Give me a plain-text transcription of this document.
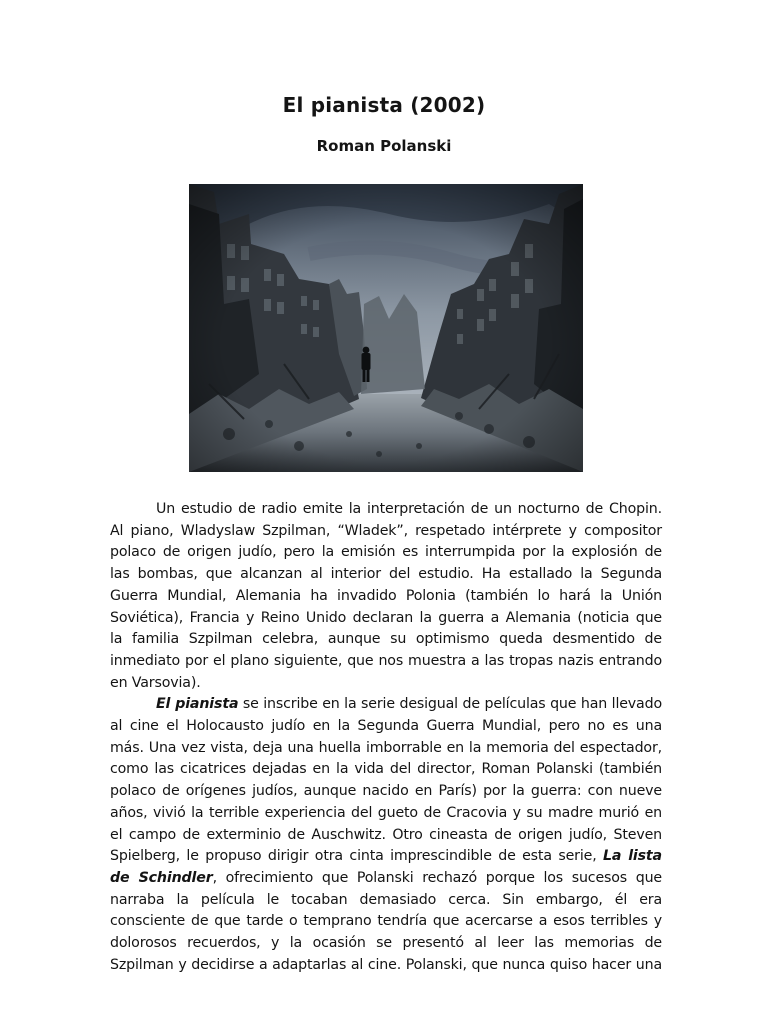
El pianista (2002)
Roman Polanski
Un estudio de radio emite la interpretación de un nocturno de Chopin.
Al piano, Wladyslaw Szpilman, “Wladek”, respetado intérprete y compositor
polaco de origen judío, pero la emisión es interrumpida por la explosión de
las bombas, que alcanzan al interior del estudio. Ha estallado la Segunda
Guerra Mundial, Alemania ha invadido Polonia (también lo hará la Unión
Soviética), Francia y Reino Unido declaran la guerra a Alemania (noticia que
la familia Szpilman celebra, aunque su optimismo queda desmentido de
inmediato por el plano siguiente, que nos muestra a las tropas nazis entrando
en Varsovia).
El pianista se inscribe en la serie desigual de películas que han llevado
al cine el Holocausto judío en la Segunda Guerra Mundial, pero no es una
más. Una vez vista, deja una huella imborrable en la memoria del espectador,
como las cicatrices dejadas en la vida del director, Roman Polanski (también
polaco de orígenes judíos, aunque nacido en París) por la guerra: con nueve
años, vivió la terrible experiencia del gueto de Cracovia y su madre murió en
el campo de exterminio de Auschwitz. Otro cineasta de origen judío, Steven
Spielberg, le propuso dirigir otra cinta imprescindible de esta serie, La lista
de Schindler, ofrecimiento que Polanski rechazó porque los sucesos que
narraba la película le tocaban demasiado cerca. Sin embargo, él era
consciente de que tarde o temprano tendría que acercarse a esos terribles y
dolorosos recuerdos, y la ocasión se presentó al leer las memorias de
Szpilman y decidirse a adaptarlas al cine. Polanski, que nunca quiso hacer una
